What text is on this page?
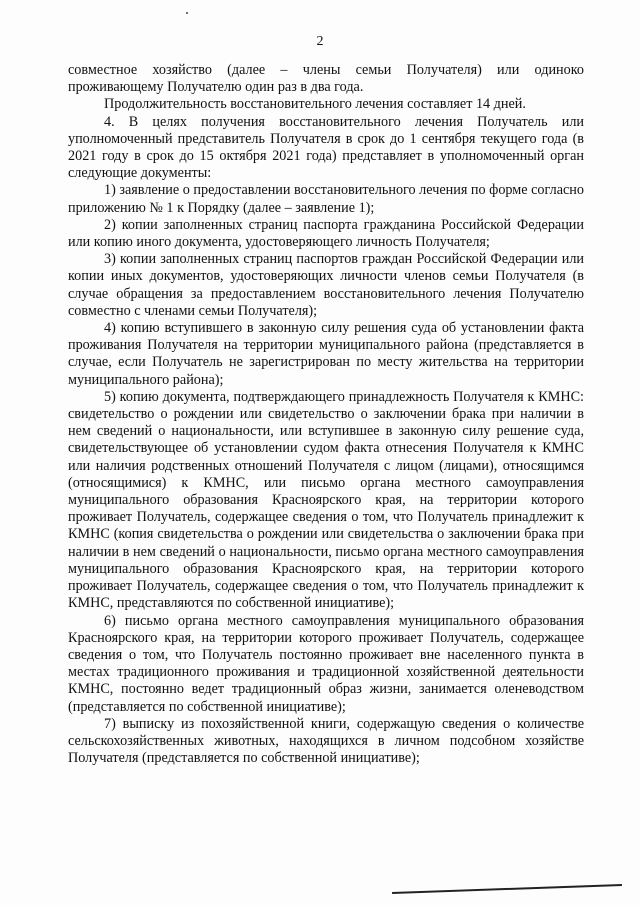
2

совместное хозяйство (далее – члены семьи Получателя) или одиноко проживающему Получателю один раз в два года.

Продолжительность восстановительного лечения составляет 14 дней.

4. В целях получения восстановительного лечения Получатель или уполномоченный представитель Получателя в срок до 1 сентября текущего года (в 2021 году в срок до 15 октября 2021 года) представляет в уполномоченный орган следующие документы:

1) заявление о предоставлении восстановительного лечения по форме согласно приложению № 1 к Порядку (далее – заявление 1);

2) копии заполненных страниц паспорта гражданина Российской Федерации или копию иного документа, удостоверяющего личность Получателя;

3) копии заполненных страниц паспортов граждан Российской Федерации или копии иных документов, удостоверяющих личности членов семьи Получателя (в случае обращения за предоставлением восстановительного лечения Получателю совместно с членами семьи Получателя);

4) копию вступившего в законную силу решения суда об установлении факта проживания Получателя на территории муниципального района (представляется в случае, если Получатель не зарегистрирован по месту жительства на территории муниципального района);

5) копию документа, подтверждающего принадлежность Получателя к КМНС: свидетельство о рождении или свидетельство о заключении брака при наличии в нем сведений о национальности, или вступившее в законную силу решение суда, свидетельствующее об установлении судом факта отнесения Получателя к КМНС или наличия родственных отношений Получателя с лицом (лицами), относящимся (относящимися) к КМНС, или письмо органа местного самоуправления муниципального образования Красноярского края, на территории которого проживает Получатель, содержащее сведения о том, что Получатель принадлежит к КМНС (копия свидетельства о рождении или свидетельства о заключении брака при наличии в нем сведений о национальности, письмо органа местного самоуправления муниципального образования Красноярского края, на территории которого проживает Получатель, содержащее сведения о том, что Получатель принадлежит к КМНС, представляются по собственной инициативе);

6) письмо органа местного самоуправления муниципального образования Красноярского края, на территории которого проживает Получатель, содержащее сведения о том, что Получатель постоянно проживает вне населенного пункта в местах традиционного проживания и традиционной хозяйственной деятельности КМНС, постоянно ведет традиционный образ жизни, занимается оленеводством (представляется по собственной инициативе);

7) выписку из похозяйственной книги, содержащую сведения о количестве сельскохозяйственных животных, находящихся в личном подсобном хозяйстве Получателя (представляется по собственной инициативе);
